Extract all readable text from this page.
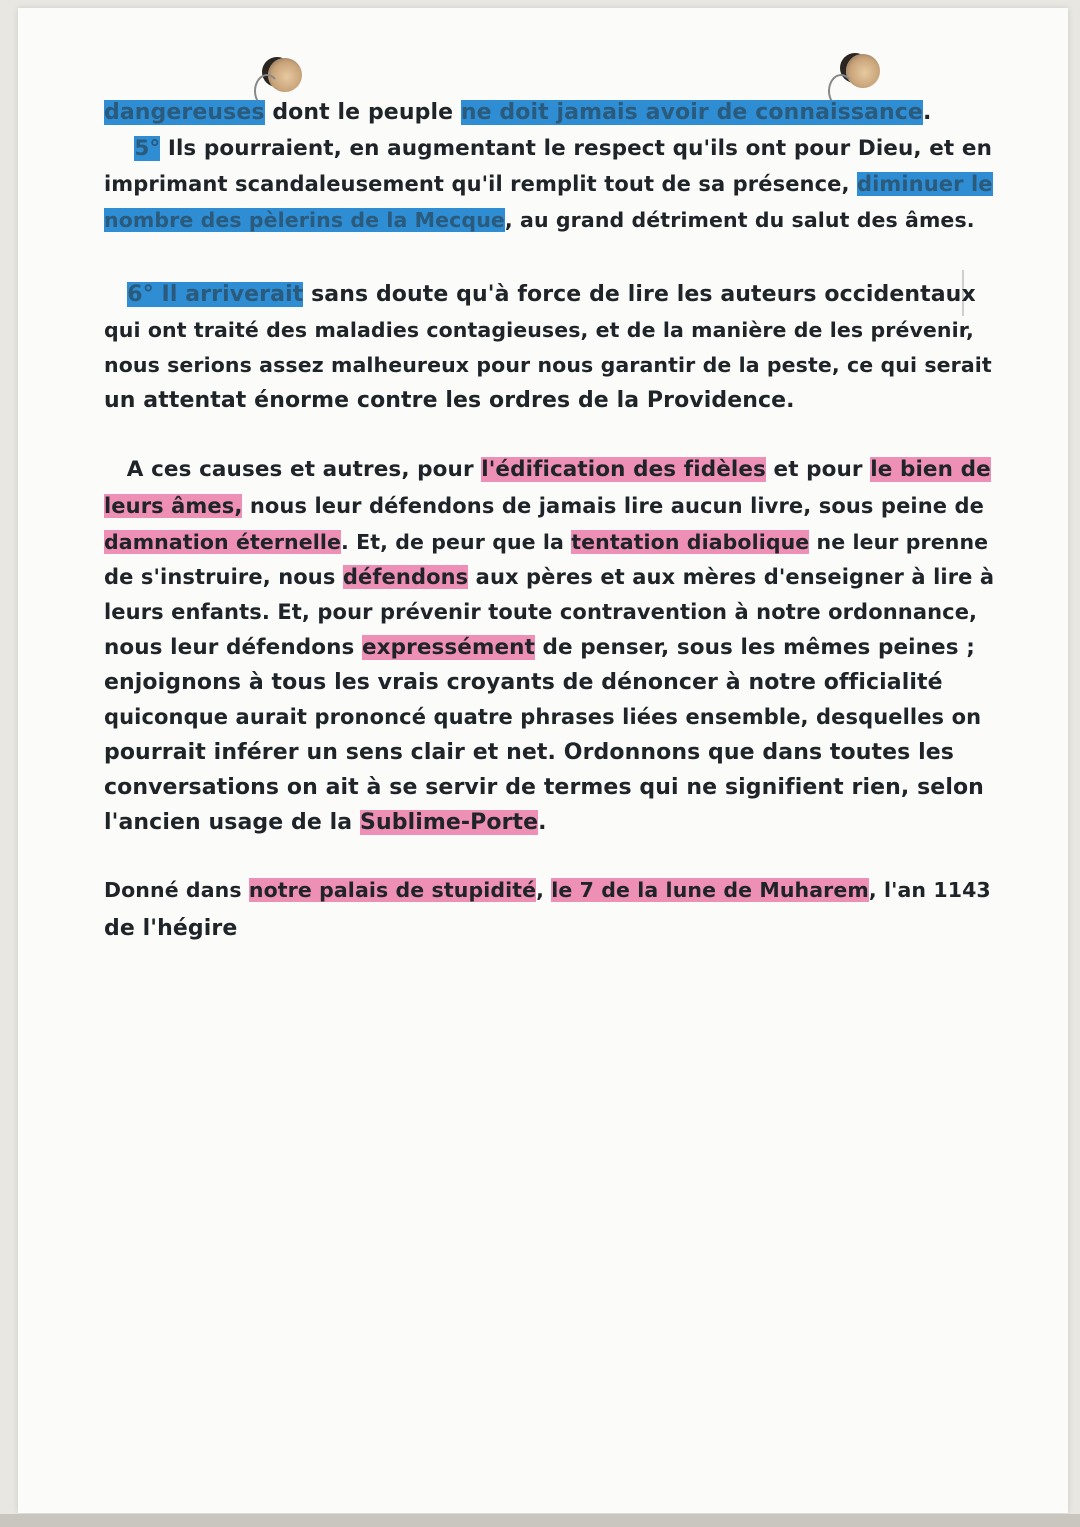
dangereuses dont le peuple ne doit jamais avoir de connaissance.
5° Ils pourraient, en augmentant le respect qu'ils ont pour Dieu, et en
imprimant scandaleusement qu'il remplit tout de sa présence, diminuer le
nombre des pèlerins de la Mecque, au grand détriment du salut des âmes.
6° Il arriverait sans doute qu'à force de lire les auteurs occidentaux
qui ont traité des maladies contagieuses, et de la manière de les prévenir,
nous serions assez malheureux pour nous garantir de la peste, ce qui serait
un attentat énorme contre les ordres de la Providence.
A ces causes et autres, pour l'édification des fidèles et pour le bien de
leurs âmes, nous leur défendons de jamais lire aucun livre, sous peine de
damnation éternelle. Et, de peur que la tentation diabolique ne leur prenne
de s'instruire, nous défendons aux pères et aux mères d'enseigner à lire à
leurs enfants. Et, pour prévenir toute contravention à notre ordonnance,
nous leur défendons expressément de penser, sous les mêmes peines ;
enjoignons à tous les vrais croyants de dénoncer à notre officialité
quiconque aurait prononcé quatre phrases liées ensemble, desquelles on
pourrait inférer un sens clair et net. Ordonnons que dans toutes les
conversations on ait à se servir de termes qui ne signifient rien, selon
l'ancien usage de la Sublime-Porte.
Donné dans notre palais de stupidité, le 7 de la lune de Muharem, l'an 1143
de l'hégire
